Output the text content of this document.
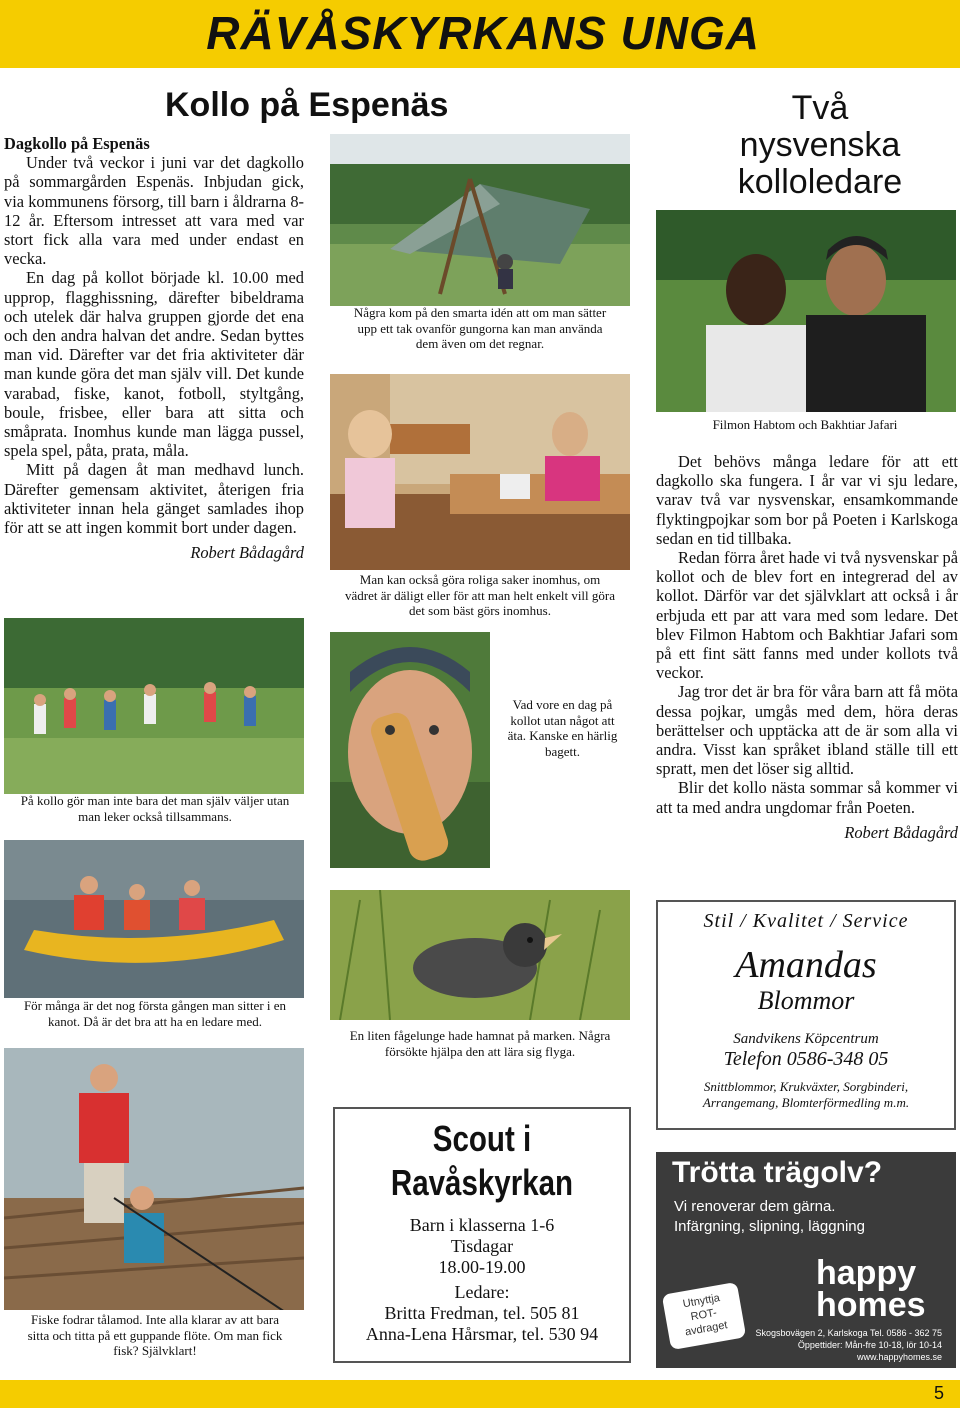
RÄVÅSKYRKANS UNGA
Kollo på Espenäs

Dagkollo på Espenäs

Under två veckor i juni var det dagkollo på sommargården Espenäs. Inbjudan gick, via kommunens försorg, till barn i åldrarna 8-12 år. Eftersom intresset att vara med var stort fick alla vara med under endast en vecka.

En dag på kollot började kl. 10.00 med upprop, flagghissning, därefter bibeldrama och utelek där halva gruppen gjorde det ena och den andra halvan det andre. Sedan byttes man vid. Därefter var det fria aktiviteter där man kunde göra det man själv vill. Det kunde varabad, fiske, kanot, fotboll, styltgång, boule, frisbee, eller bara att sitta och småprata. Inomhus kunde man lägga pussel, spela spel, påta, prata, måla.

Mitt på dagen åt man medhavd lunch. Därefter gemensam aktivitet, återigen fria aktiviteter innan hela gänget samlades ihop för att se att ingen kommit bort under dagen.

Robert Bådagård

Några kom på den smarta idén att om man sätter upp ett tak ovanför gungorna kan man använda dem även om det regnar.
Man kan också göra roliga saker inomhus, om vädret är däligt eller för att man helt enkelt vill göra det som bäst görs inomhus.
Vad vore en dag på kollot utan något att äta. Kanske en härlig bagett.
På kollo gör man inte bara det man själv väljer utan man leker också tillsammans.
För många är det nog första gången man sitter i en kanot. Då är det bra att ha en ledare med.
Fiske fodrar tålamod. Inte alla klarar av att bara sitta och titta på ett guppande flöte. Om man fick fisk? Självklart!
En liten fågelunge hade hamnat på marken. Några försökte hjälpa den att lära sig flyga.
Två
nysvenska
kolloledare
Filmon Habtom och Bakhtiar Jafari

Det behövs många ledare för att ett dagkollo ska fungera. I år var vi sju ledare, varav två var nysvenskar, ensamkommande flyktingpojkar som bor på Poeten i Karlskoga sedan en tid tillbaka.

Redan förra året hade vi två nysvenskar på kollot och de blev fort en integrerad del av kollot. Därför var det självklart att också i år erbjuda ett par att vara med som ledare. Det blev Filmon Habtom och Bakhtiar Jafari som på ett fint sätt fanns med under kollots två veckor.

Jag tror det är bra för våra barn att få möta dessa pojkar, umgås med dem, höra deras berättelser och upptäcka att de är som alla vi andra. Visst kan språket ibland ställe till ett spratt, men det löser sig alltid.

Blir det kollo nästa sommar så kommer vi att ta med andra ungdomar från Poeten.

Robert Bådagård

Scout i
Ravåskyrkan
Barn i klasserna 1-6
Tisdagar
18.00-19.00
Ledare:
Britta Fredman, tel. 505 81
Anna-Lena Hårsmar, tel. 530 94
Stil / Kvalitet / Service
Amandas
Blommor
Sandvikens Köpcentrum
Telefon 0586-348 05
Snittblommor, Krukväxter, Sorgbinderi,
Arrangemang, Blomterförmedling m.m.
Trötta trägolv?
Vi renoverar dem gärna.
Infärgning, slipning, läggning
happy
homes
Utnyttja
ROT-
avdraget	Skogsbovägen 2, Karlskoga Tel. 0586 - 362 75
Öppettider: Mån-fre 10-18, lör 10-14
www.happyhomes.se
5
